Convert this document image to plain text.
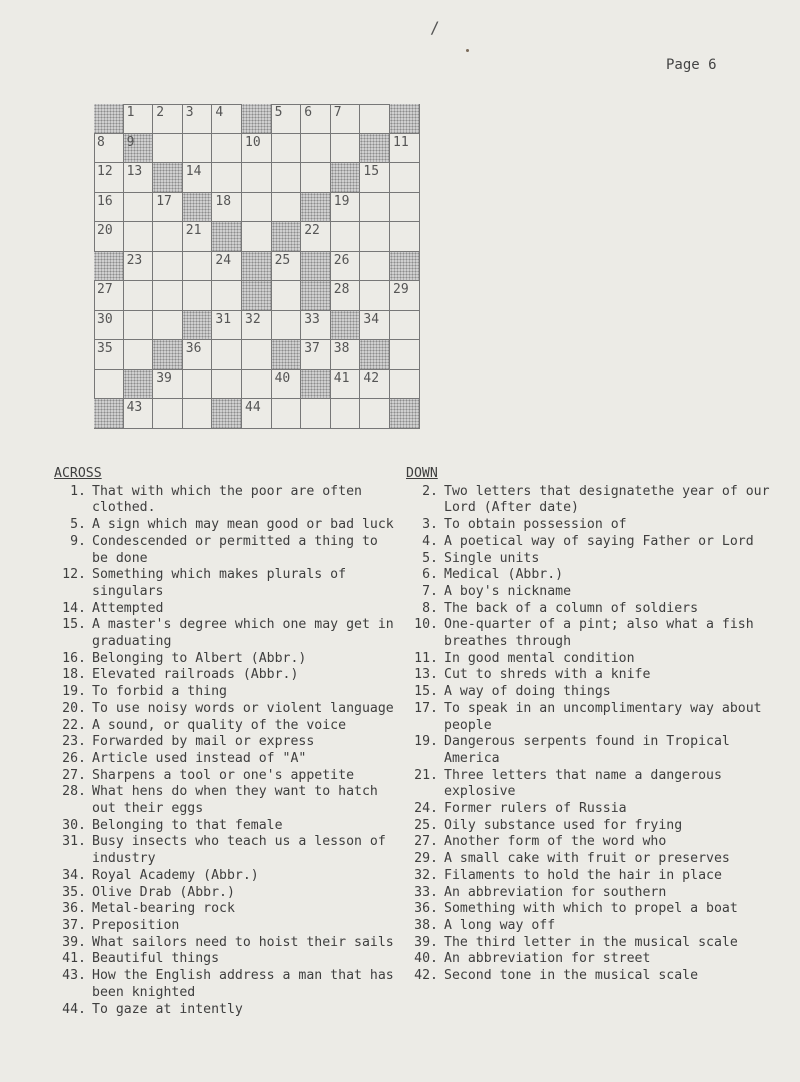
/
Page 6
1 2 3 4	5 6 7
8 9	10	11
12 13	14	15
16	17	18	19
20	21	22
23	24	25	26
27	28	29
30	31 32	33	34
35	36	37 38
39	40	41 42
43	44
ACROSS
1. That with which the poor are often clothed.
5. A sign which may mean good or bad luck
9. Condescended or permitted a thing to be done
12. Something which makes plurals of singulars
14. Attempted
15. A master's degree which one may get in graduating
16. Belonging to Albert (Abbr.)
18. Elevated railroads (Abbr.)
19. To forbid a thing
20. To use noisy words or violent language
22. A sound, or quality of the voice
23. Forwarded by mail or express
26. Article used instead of "A"
27. Sharpens a tool or one's appetite
28. What hens do when they want to hatch out their eggs
30. Belonging to that female
31. Busy insects who teach us a lesson of industry
34. Royal Academy (Abbr.)
35. Olive Drab (Abbr.)
36. Metal-bearing rock
37. Preposition
39. What sailors need to hoist their sails
41. Beautiful things
43. How the English address a man that has been knighted
44. To gaze at intently
DOWN
2. Two letters that designatethe year of our Lord (After date)
3. To obtain possession of
4. A poetical way of saying Father or Lord
5. Single units
6. Medical (Abbr.)
7. A boy's nickname
8. The back of a column of soldiers
10. One-quarter of a pint; also what a fish breathes through
11. In good mental condition
13. Cut to shreds with a knife
15. A way of doing things
17. To speak in an uncomplimentary way about people
19. Dangerous serpents found in Tropical America
21. Three letters that name a dangerous explosive
24. Former rulers of Russia
25. Oily substance used for frying
27. Another form of the word who
29. A small cake with fruit or preserves
32. Filaments to hold the hair in place
33. An abbreviation for southern
36. Something with which to propel a boat
38. A long way off
39. The third letter in the musical scale
40. An abbreviation for street
42. Second tone in the musical scale
